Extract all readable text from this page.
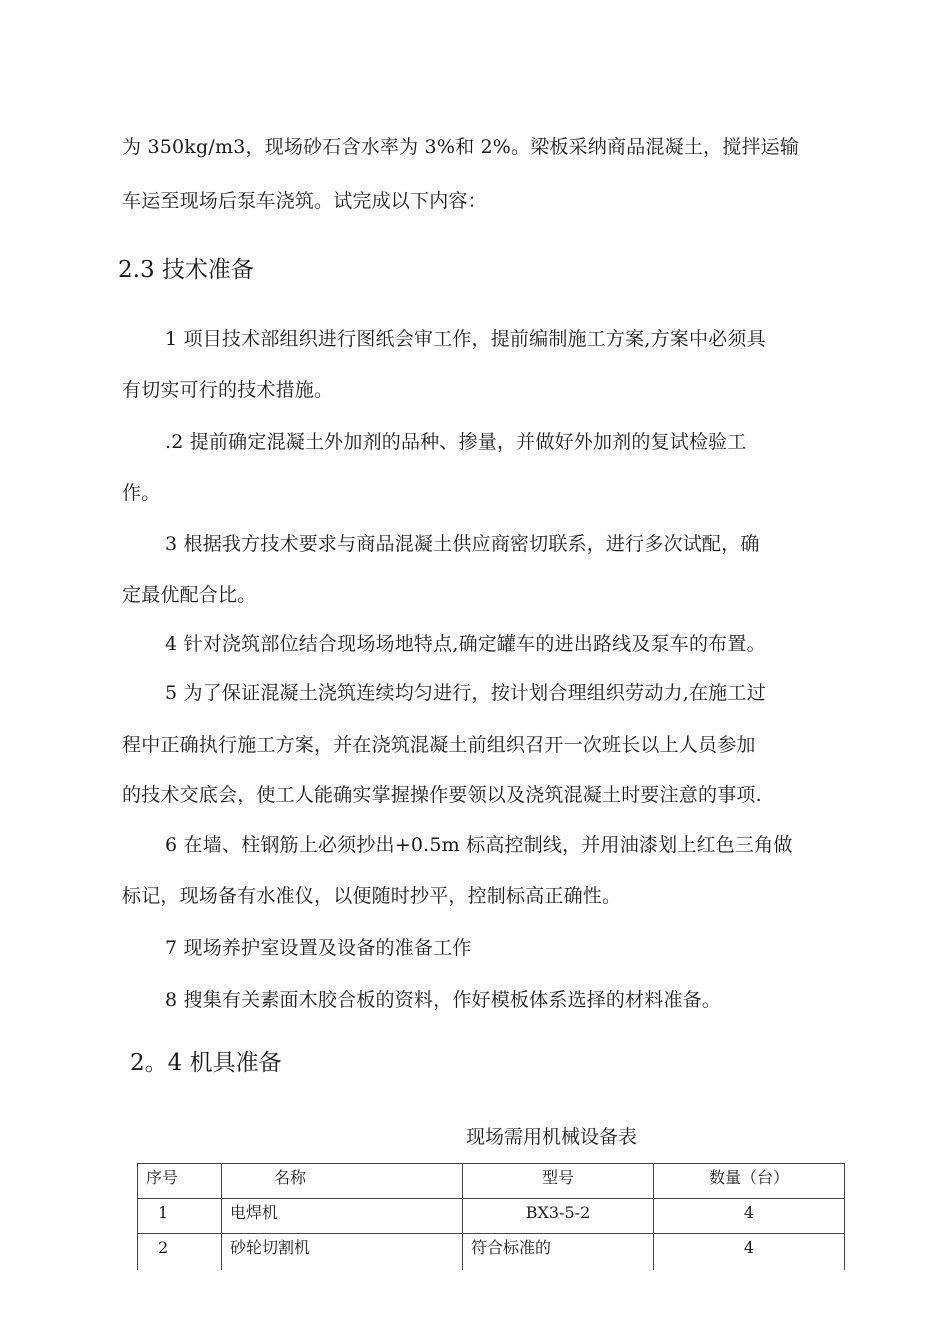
为 350kg/m3，现场砂石含水率为 3%和 2%。梁板采纳商品混凝土，搅拌运输
车运至现场后泵车浇筑。试完成以下内容：
2.3 技术准备
1 项目技术部组织进行图纸会审工作，提前编制施工方案,方案中必须具
有切实可行的技术措施。
.2 提前确定混凝土外加剂的品种、掺量，并做好外加剂的复试检验工
作。
3 根据我方技术要求与商品混凝土供应商密切联系，进行多次试配，确
定最优配合比。
4 针对浇筑部位结合现场场地特点,确定罐车的进出路线及泵车的布置。
5 为了保证混凝土浇筑连续均匀进行，按计划合理组织劳动力,在施工过
程中正确执行施工方案，并在浇筑混凝土前组织召开一次班长以上人员参加
的技术交底会，使工人能确实掌握操作要领以及浇筑混凝土时要注意的事项.
6 在墙、柱钢筋上必须抄出+0.5m 标高控制线，并用油漆划上红色三角做
标记，现场备有水准仪，以便随时抄平，控制标高正确性。
7 现场养护室设置及设备的准备工作
8 搜集有关素面木胶合板的资料，作好模板体系选择的材料准备。
2。4 机具准备
现场需用机械设备表
序号	名称	型号	数量（台）
1	电焊机	BX3-5-2	4
2	砂轮切割机	符合标准的	4
